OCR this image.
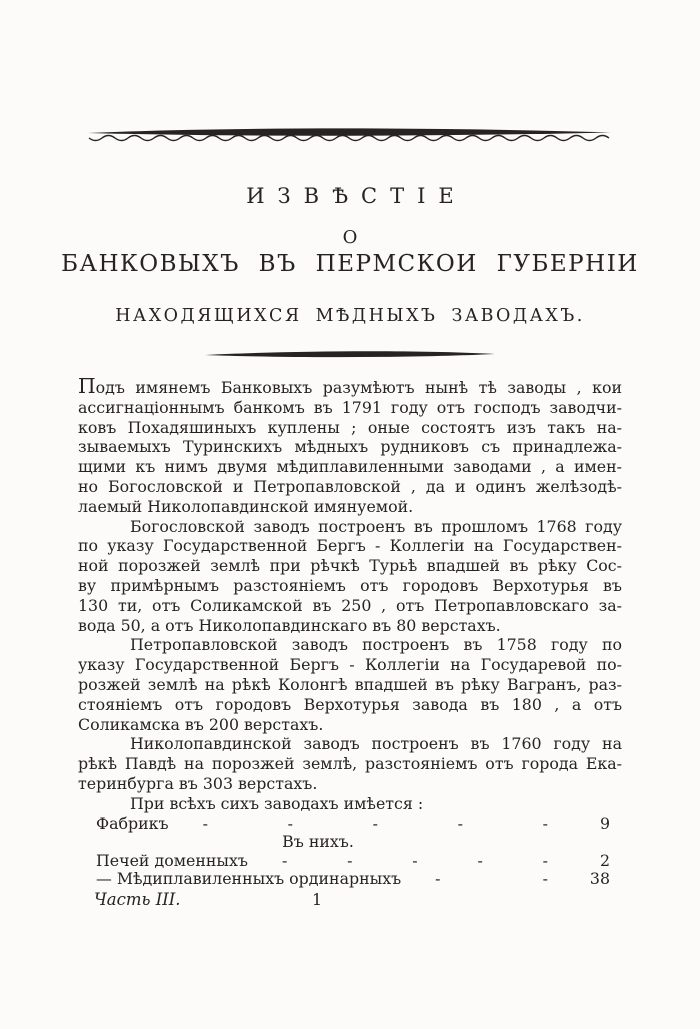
ИЗВѢСТІЕ
О
БАНКОВЫХЪ ВЪ ПЕРМСКОИ ГУБЕРНІИ
НАХОДЯЩИХСЯ МѢДНЫХЪ ЗАВОДАХЪ.
Подъ имянемъ Банковыхъ разумѣютъ нынѣ тѣ заводы , кои
ассигнаціоннымъ банкомъ въ 1791 году отъ господъ заводчи-
ковъ Похадяшиныхъ куплены ; оные состоятъ изъ такъ на-
зываемыхъ Туринскихъ мѣдныхъ рудниковъ съ принадлежа-
щими къ нимъ двумя мѣдиплавиленными заводами , а имен-
но Богословской и Петропавловской , да и одинъ желѣзодѣ-
лаемый Николопавдинской имянуемой.
Богословской заводъ построенъ въ прошломъ 1768 году
по указу Государственной Бергъ - Коллегіи на Государствен-
ной порозжей землѣ при рѣчкѣ Турьѣ впадшей въ рѣку Сос-
ву примѣрнымъ разстояніемъ отъ городовъ Верхотурья въ
130 ти, отъ Соликамской въ 250 , отъ Петропавловскаго за-
вода 50, а отъ Николопавдинскаго въ 80 верстахъ.
Петропавловской заводъ построенъ въ 1758 году по
указу Государственной Бергъ - Коллегіи на Государевой по-
розжей землѣ на рѣкѣ Колонгѣ впадшей въ рѣку Вагранъ, раз-
стояніемъ отъ городовъ Верхотурья завода въ 180 , а отъ
Соликамска въ 200 верстахъ.
Николопавдинской заводъ построенъ въ 1760 году на
рѣкѣ Павдѣ на порозжей землѣ, разстояніемъ отъ города Ека-
теринбурга въ 303 верстахъ.
При всѣхъ сихъ заводахъ имѣется :
Фабрикъ	- - - - -	9
Въ нихъ.
Печей доменныхъ	- - - - -	2
— Мѣдиплавиленныхъ ординарныхъ	- -	38
Часть III.	1
